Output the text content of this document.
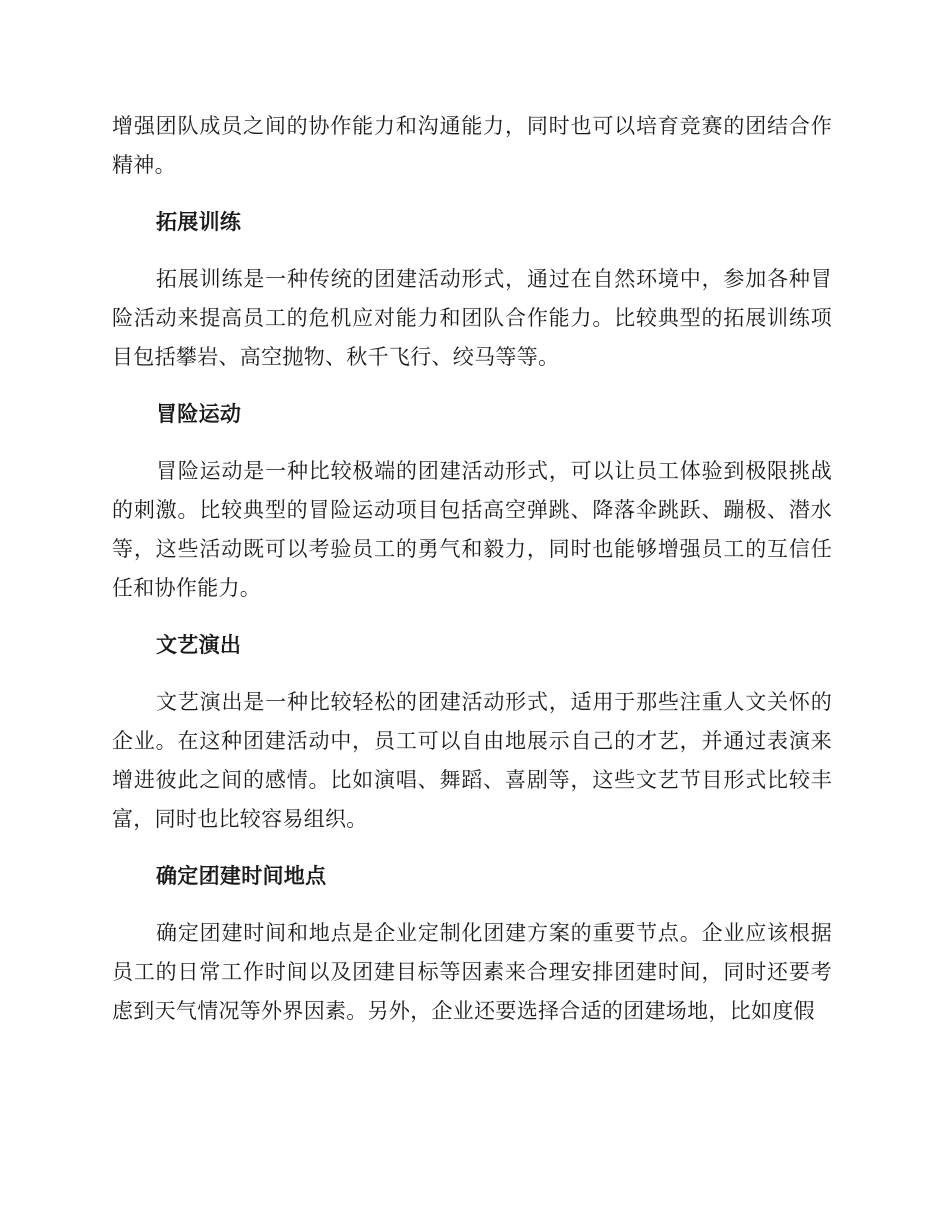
增强团队成员之间的协作能力和沟通能力，同时也可以培育竞赛的团结合作精神。

拓展训练

拓展训练是一种传统的团建活动形式，通过在自然环境中，参加各种冒险活动来提高员工的危机应对能力和团队合作能力。比较典型的拓展训练项目包括攀岩、高空抛物、秋千飞行、绞马等等。

冒险运动

冒险运动是一种比较极端的团建活动形式，可以让员工体验到极限挑战的刺激。比较典型的冒险运动项目包括高空弹跳、降落伞跳跃、蹦极、潜水等，这些活动既可以考验员工的勇气和毅力，同时也能够增强员工的互信任任和协作能力。

文艺演出

文艺演出是一种比较轻松的团建活动形式，适用于那些注重人文关怀的企业。在这种团建活动中，员工可以自由地展示自己的才艺，并通过表演来增进彼此之间的感情。比如演唱、舞蹈、喜剧等，这些文艺节目形式比较丰富，同时也比较容易组织。

确定团建时间地点

确定团建时间和地点是企业定制化团建方案的重要节点。企业应该根据员工的日常工作时间以及团建目标等因素来合理安排团建时间，同时还要考虑到天气情况等外界因素。另外，企业还要选择合适的团建场地，比如度假
